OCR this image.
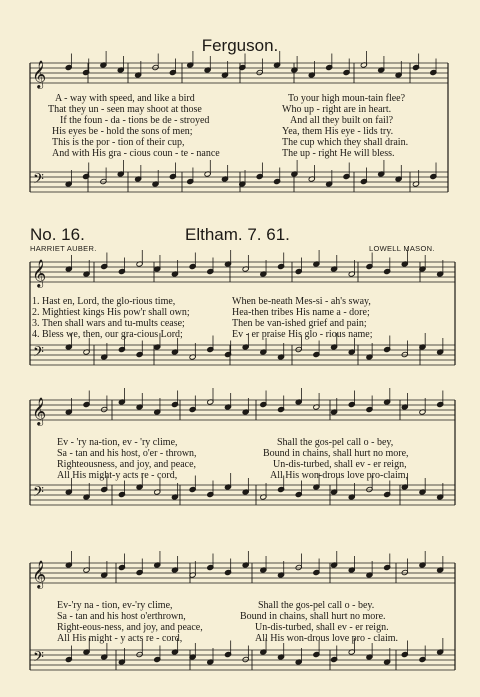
𝄞
𝄢
𝄞
𝄢
𝄞
𝄢
𝄞
𝄢
Ferguson.
A - way with speed, and like a bird	To your high moun-tain flee?
That they un - seen may shoot at those	Who up - right are in heart.
If the foun - da - tions be de - stroyed	And all they built on fail?
His eyes be - hold the sons of men;	Yea, them His eye - lids try.
This is the por - tion of their cup,	The cup which they shall drain.
And with His gra - cious coun - te - nance	The up - right He will bless.
No. 16.	Eltham. 7. 61.
HARRIET AUBER.	LOWELL MASON.
1. Hast en, Lord, the glo-rious time,	When be-neath Mes-si - ah's sway,
2. Mightiest kings His pow'r shall own;	Hea-then tribes His name a - dore;
3. Then shall wars and tu-mults cease;	Then be van-ished grief and pain;
4. Bless we, then, our gra-cious Lord;	Ev - er praise His glo - rious name;
Ev - 'ry na-tion, ev - 'ry clime,	Shall the gos-pel call o - bey,
Sa - tan and his host, o'er - thrown,	Bound in chains, shall hurt no more,
Righteousness, and joy, and peace,	Un-dis-turbed, shall ev - er reign,
All His might-y acts re - cord,	All His won-drous love pro-claim,
Ev-'ry na - tion, ev-'ry clime,	Shall the gos-pel call o - bey.
Sa - tan and his host o'erthrown,	Bound in chains, shall hurt no more.
Right-eous-ness, and joy, and peace,	Un-dis-turbed, shall ev - er reign.
All His might - y acts re - cord,	All His won-drous love pro - claim.
